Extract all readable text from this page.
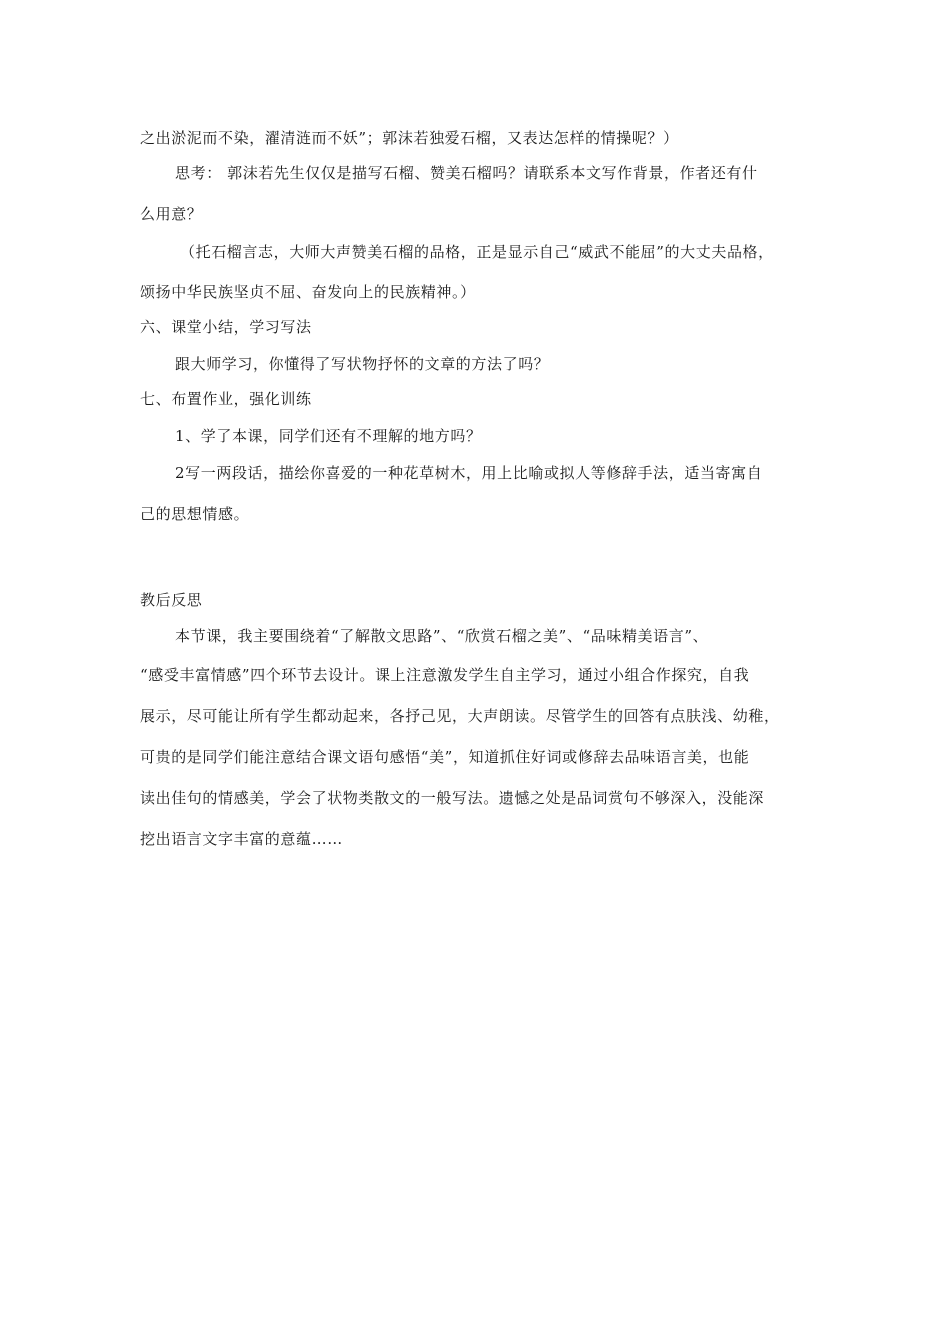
之出淤泥而不染，濯清涟而不妖”；郭沫若独爱石榴，又表达怎样的情操呢？）
思考： 郭沫若先生仅仅是描写石榴、赞美石榴吗？请联系本文写作背景，作者还有什
么用意？
（托石榴言志，大师大声赞美石榴的品格，正是显示自己“威武不能屈”的大丈夫品格，
颂扬中华民族坚贞不屈、奋发向上的民族精神。）
六、课堂小结，学习写法
跟大师学习，你懂得了写状物抒怀的文章的方法了吗？
七、布置作业，强化训练
1、学了本课，同学们还有不理解的地方吗？
2写一两段话，描绘你喜爱的一种花草树木，用上比喻或拟人等修辞手法，适当寄寓自
己的思想情感。
教后反思
本节课，我主要围绕着“了解散文思路”、“欣赏石榴之美”、“品味精美语言”、
“感受丰富情感”四个环节去设计。课上注意激发学生自主学习，通过小组合作探究，自我
展示，尽可能让所有学生都动起来，各抒己见，大声朗读。尽管学生的回答有点肤浅、幼稚，
可贵的是同学们能注意结合课文语句感悟“美”，知道抓住好词或修辞去品味语言美，也能
读出佳句的情感美，学会了状物类散文的一般写法。遗憾之处是品词赏句不够深入，没能深
挖出语言文字丰富的意蕴……
